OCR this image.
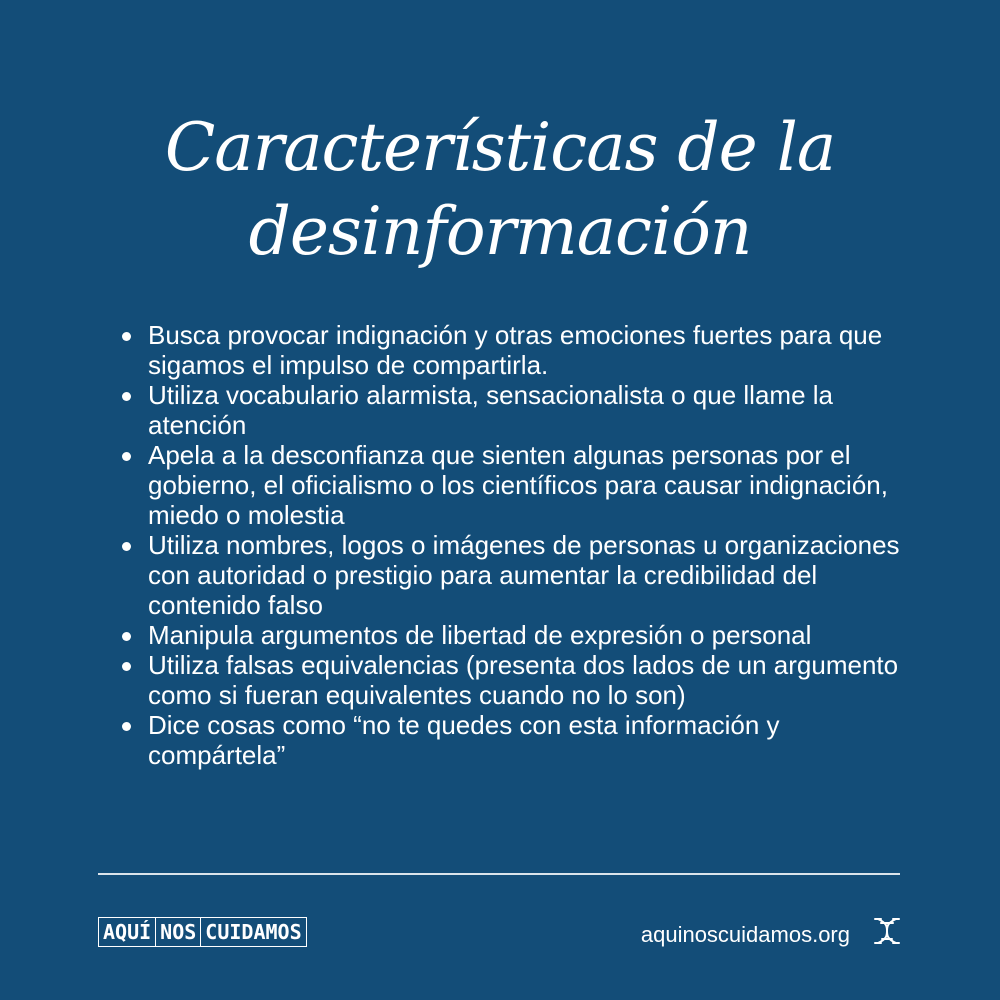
Características de la
desinformación
Busca provocar indignación y otras emociones fuertes para que sigamos el impulso de compartirla.
Utiliza vocabulario alarmista, sensacionalista o que llame la atención
Apela a la desconfianza que sienten algunas personas por el gobierno, el oficialismo o los científicos para causar indignación, miedo o molestia
Utiliza nombres, logos o imágenes de personas u organizaciones con autoridad o prestigio para aumentar la credibilidad del contenido falso
Manipula argumentos de libertad de expresión o personal
Utiliza falsas equivalencias (presenta dos lados de un argumento como si fueran equivalentes cuando no lo son)
Dice cosas como “no te quedes con esta información y compártela”
AQUÍ NOS CUIDAMOS	aquinoscuidamos.org
